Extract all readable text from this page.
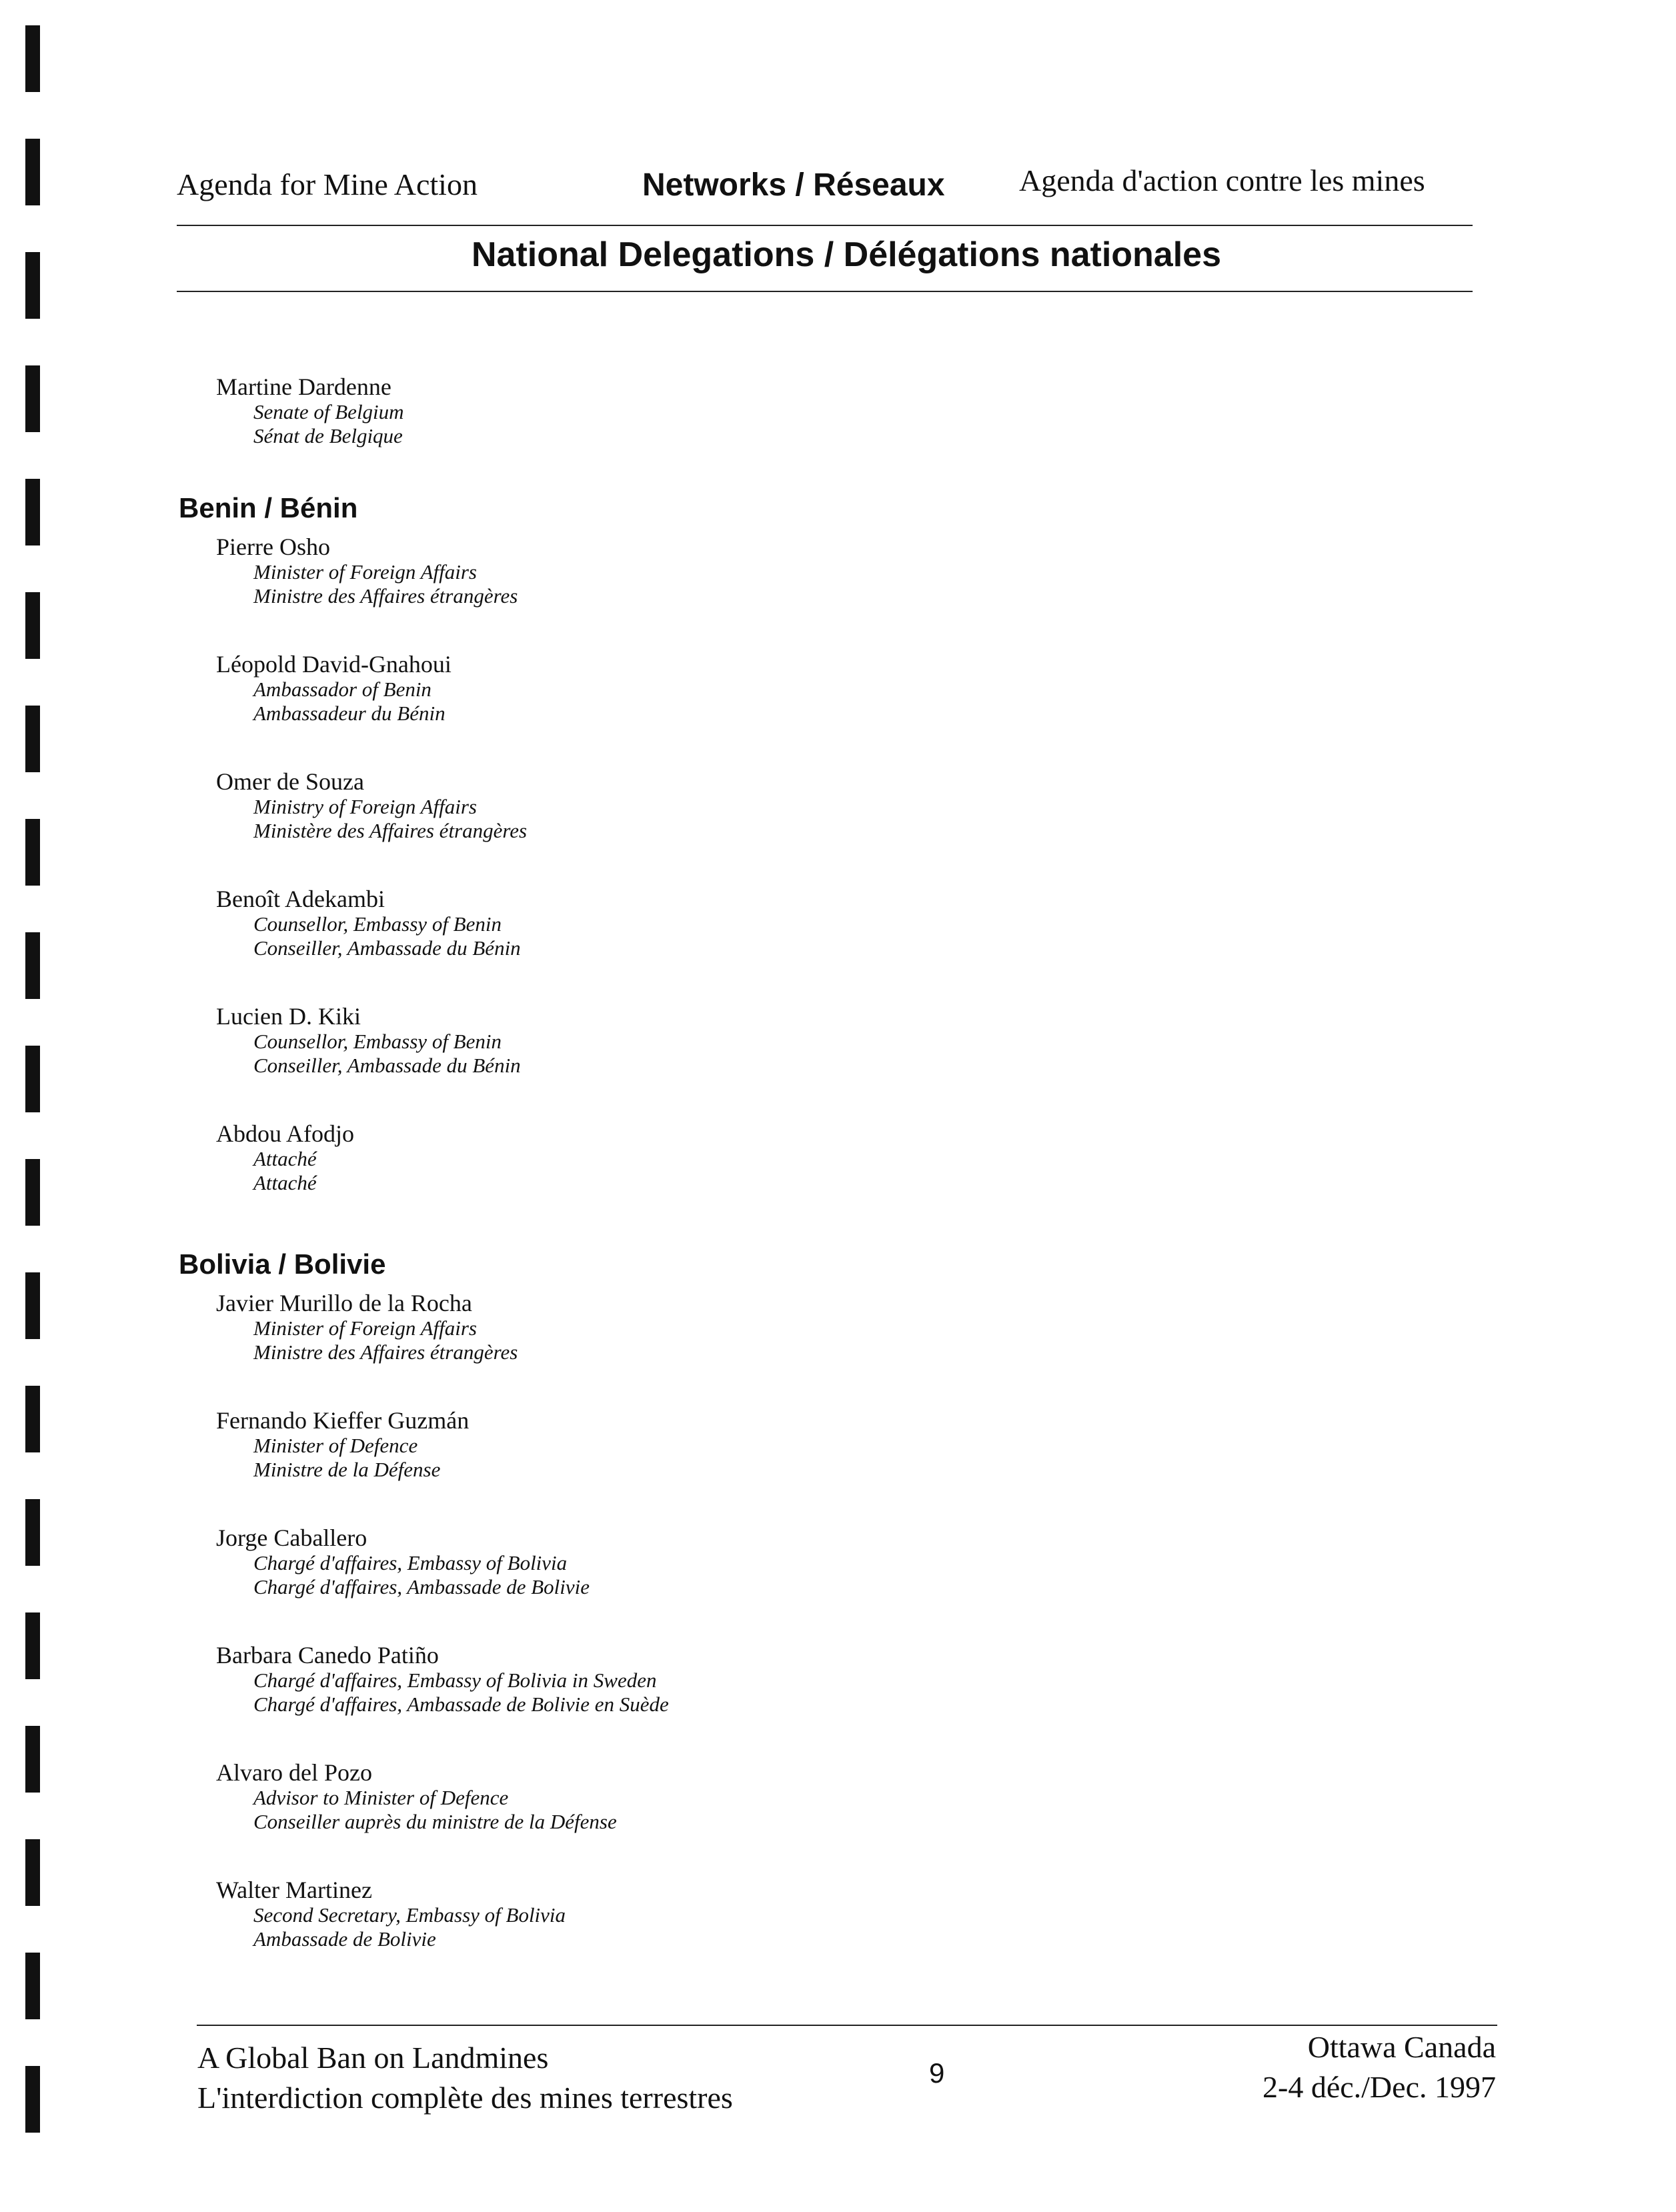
Agenda for Mine Action	Networks / Réseaux Agenda d'action contre les mines
National Delegations / Délégations nationales
Martine Dardenne
Senate of Belgium
Sénat de Belgique
Benin / Bénin
Pierre Osho
Minister of Foreign Affairs
Ministre des Affaires étrangères
Léopold David-Gnahoui
Ambassador of Benin
Ambassadeur du Bénin
Omer de Souza
Ministry of Foreign Affairs
Ministère des Affaires étrangères
Benoît Adekambi
Counsellor, Embassy of Benin
Conseiller, Ambassade du Bénin
Lucien D. Kiki
Counsellor, Embassy of Benin
Conseiller, Ambassade du Bénin
Abdou Afodjo
Attaché
Attaché
Bolivia / Bolivie
Javier Murillo de la Rocha
Minister of Foreign Affairs
Ministre des Affaires étrangères
Fernando Kieffer Guzmán
Minister of Defence
Ministre de la Défense
Jorge Caballero
Chargé d'affaires, Embassy of Bolivia
Chargé d'affaires, Ambassade de Bolivie
Barbara Canedo Patiño
Chargé d'affaires, Embassy of Bolivia in Sweden
Chargé d'affaires, Ambassade de Bolivie en Suède
Alvaro del Pozo
Advisor to Minister of Defence
Conseiller auprès du ministre de la Défense
Walter Martinez
Second Secretary, Embassy of Bolivia
Ambassade de Bolivie
A Global Ban on Landmines
L'interdiction complète des mines terrestres
9
Ottawa Canada
2-4 déc./Dec. 1997
